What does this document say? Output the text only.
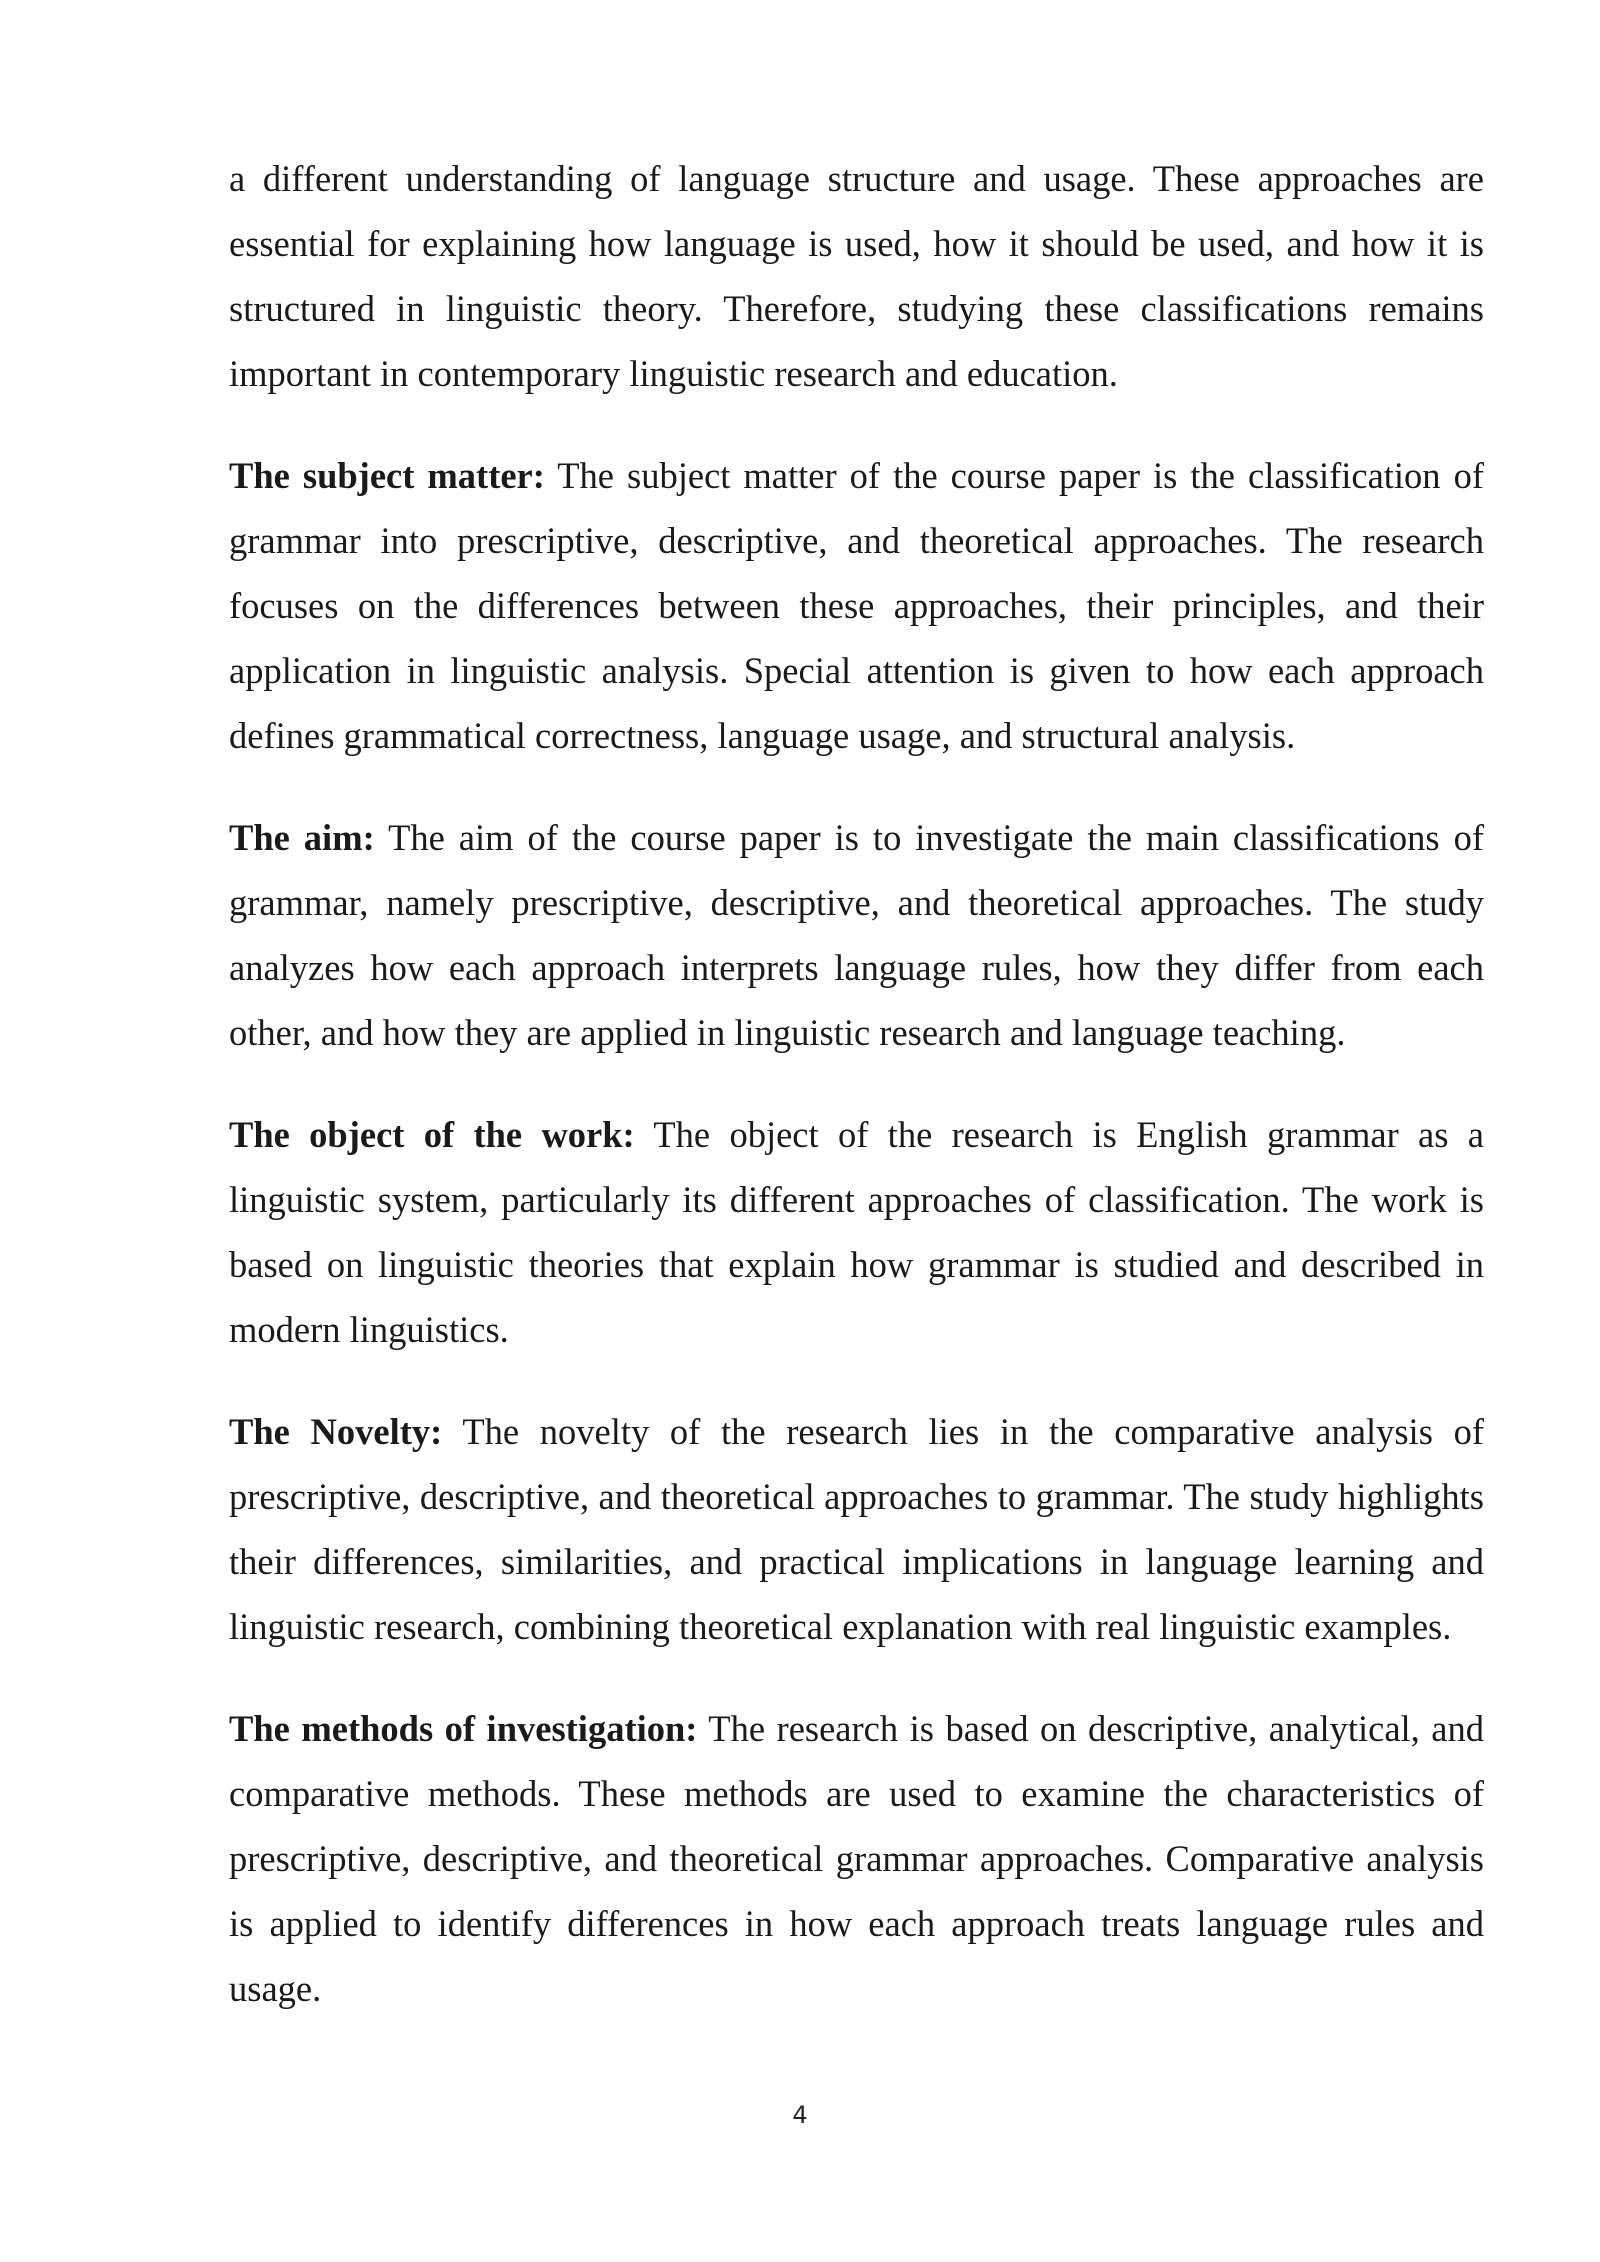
a different understanding of language structure and usage. These approaches are essential for explaining how language is used, how it should be used, and how it is structured in linguistic theory. Therefore, studying these classifications remains important in contemporary linguistic research and education.

The subject matter: The subject matter of the course paper is the classification of grammar into prescriptive, descriptive, and theoretical approaches. The research focuses on the differences between these approaches, their principles, and their application in linguistic analysis. Special attention is given to how each approach defines grammatical correctness, language usage, and structural analysis.

The aim: The aim of the course paper is to investigate the main classifications of grammar, namely prescriptive, descriptive, and theoretical approaches. The study analyzes how each approach interprets language rules, how they differ from each other, and how they are applied in linguistic research and language teaching.

The object of the work: The object of the research is English grammar as a linguistic system, particularly its different approaches of classification. The work is based on linguistic theories that explain how grammar is studied and described in modern linguistics.

The Novelty: The novelty of the research lies in the comparative analysis of prescriptive, descriptive, and theoretical approaches to grammar. The study highlights their differences, similarities, and practical implications in language learning and linguistic research, combining theoretical explanation with real linguistic examples.

The methods of investigation: The research is based on descriptive, analytical, and comparative methods. These methods are used to examine the characteristics of prescriptive, descriptive, and theoretical grammar approaches. Comparative analysis is applied to identify differences in how each approach treats language rules and usage.

4
